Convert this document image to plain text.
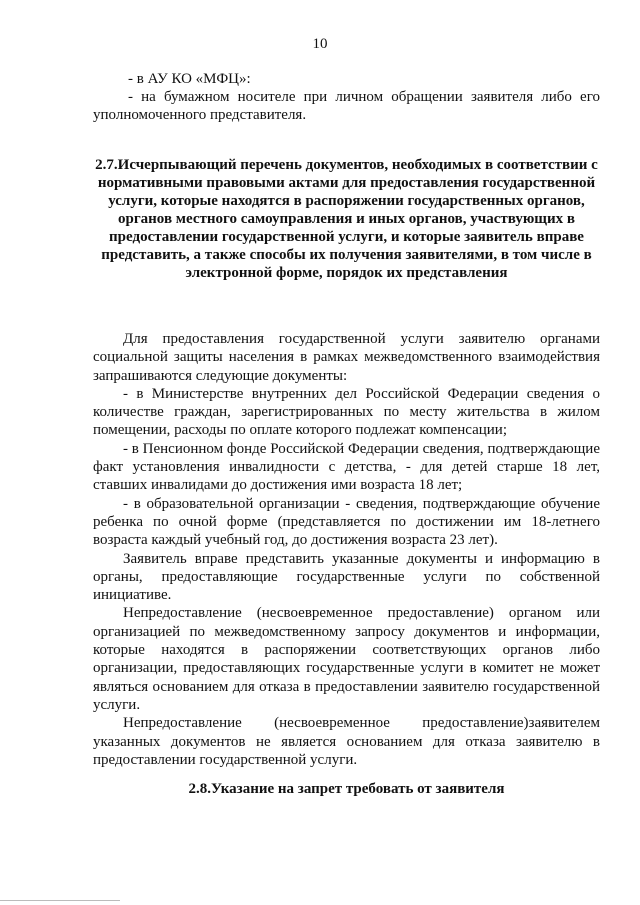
10

- в АУ КО «МФЦ»:

- на бумажном носителе при личном обращении заявителя либо его уполномоченного представителя.

2.7.Исчерпывающий перечень документов, необходимых в соответствии с нормативными правовыми актами для предоставления государственной услуги, которые находятся в распоряжении государственных органов, органов местного самоуправления и иных органов, участвующих в предоставлении государственной услуги, и которые заявитель вправе представить, а также способы их получения заявителями, в том числе в электронной форме, порядок их представления

Для предоставления государственной услуги заявителю органами социальной защиты населения в рамках межведомственного взаимодействия запрашиваются следующие документы:

- в Министерстве внутренних дел Российской Федерации сведения о количестве граждан, зарегистрированных по месту жительства в жилом помещении, расходы по оплате которого подлежат компенсации;

- в Пенсионном фонде Российской Федерации сведения, подтверждающие факт установления инвалидности с детства, - для детей старше 18 лет, ставших инвалидами до достижения ими возраста 18 лет;

- в образовательной организации - сведения, подтверждающие обучение ребенка по очной форме (представляется по достижении им 18-летнего возраста каждый учебный год, до достижения возраста 23 лет).

Заявитель вправе представить указанные документы и информацию в органы, предоставляющие государственные услуги по собственной инициативе.

Непредоставление (несвоевременное предоставление) органом или организацией по межведомственному запросу документов и информации, которые находятся в распоряжении соответствующих органов либо организации, предоставляющих государственные услуги в комитет не может являться основанием для отказа в предоставлении заявителю государственной услуги.

Непредоставление (несвоевременное предоставление)заявителем указанных документов не является основанием для отказа заявителю в предоставлении государственной услуги.

2.8.Указание на запрет требовать от заявителя
